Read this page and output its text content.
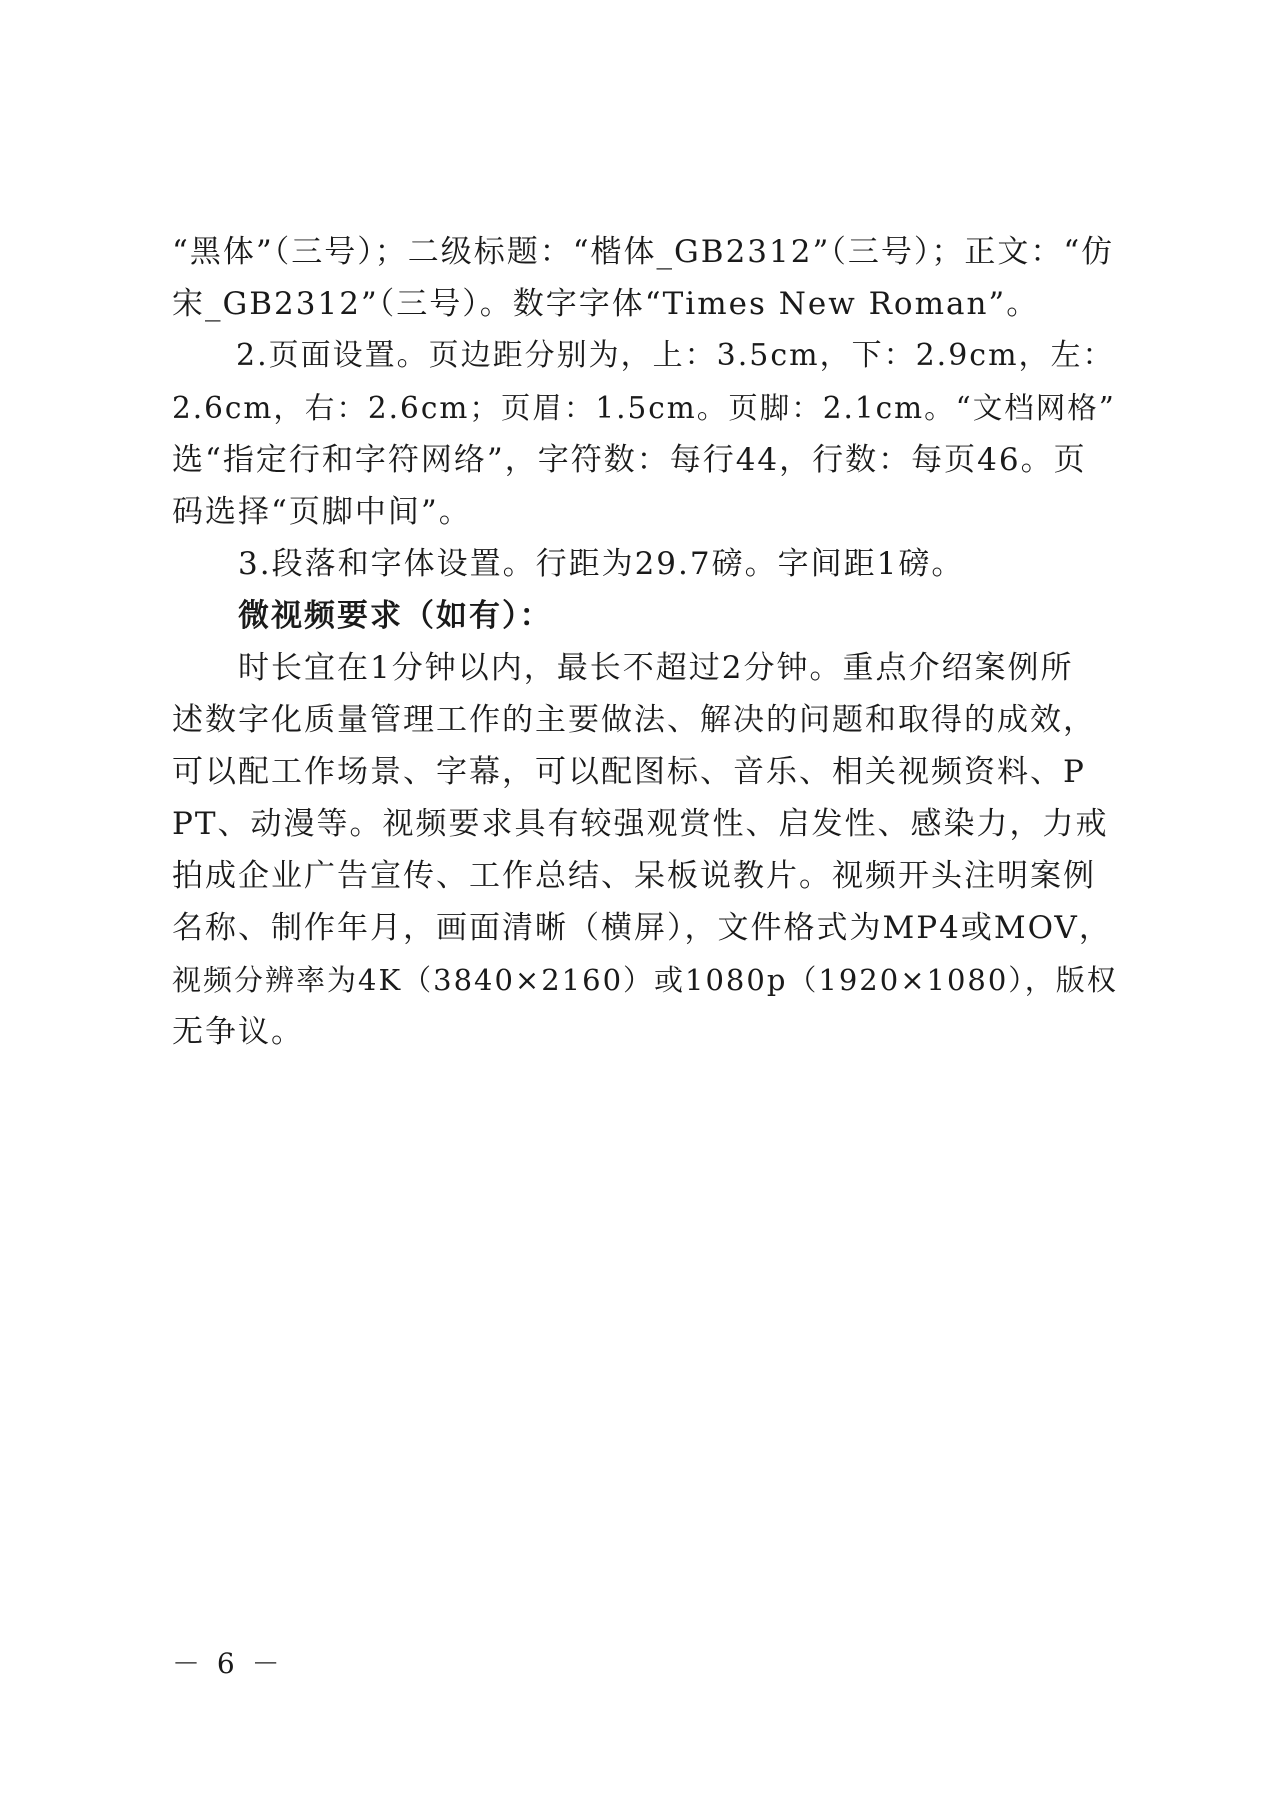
“黑体”（三号）；二级标题：“楷体_GB2312”（三号）；正文：“仿
宋_GB2312”（三号）。数字字体“Times New Roman”。
　　2.页面设置。页边距分别为，上：3.5cm，下：2.9cm，左：
2.6cm，右：2.6cm；页眉：1.5cm。页脚：2.1cm。“文档网格”
选“指定行和字符网络”，字符数：每行44，行数：每页46。页
码选择“页脚中间”。
　　3.段落和字体设置。行距为29.7磅。字间距1磅。
　　微视频要求（如有）：
　　时长宜在1分钟以内，最长不超过2分钟。重点介绍案例所
述数字化质量管理工作的主要做法、解决的问题和取得的成效，
可以配工作场景、字幕，可以配图标、音乐、相关视频资料、P
PT、动漫等。视频要求具有较强观赏性、启发性、感染力，力戒
拍成企业广告宣传、工作总结、呆板说教片。视频开头注明案例
名称、制作年月，画面清晰（横屏），文件格式为MP4或MOV，
视频分辨率为4K（3840×2160）或1080p（1920×1080），版权
无争议。
－ 6 －
